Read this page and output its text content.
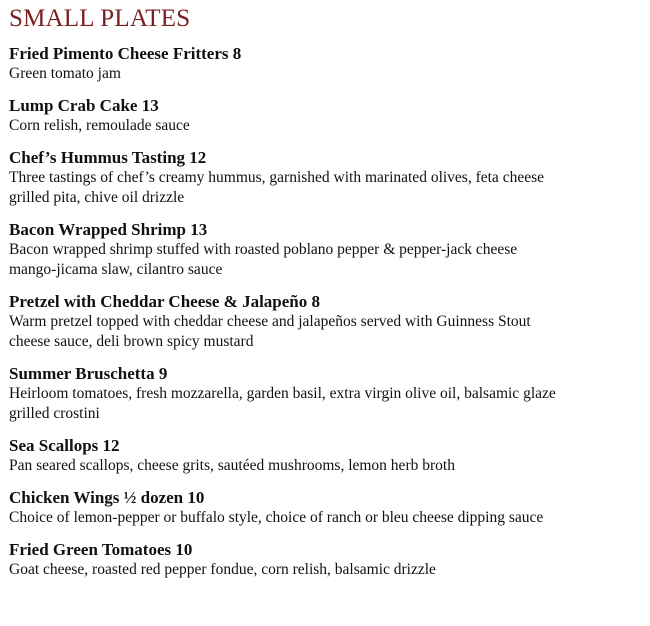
SMALL PLATES

Fried Pimento Cheese Fritters 8

Green tomato jam

Lump Crab Cake 13

Corn relish, remoulade sauce

Chef’s Hummus Tasting 12

Three tastings of chef’s creamy hummus, garnished with marinated olives, feta cheese
grilled pita, chive oil drizzle

Bacon Wrapped Shrimp 13

Bacon wrapped shrimp stuffed with roasted poblano pepper & pepper-jack cheese
mango-jicama slaw, cilantro sauce

Pretzel with Cheddar Cheese & Jalapeño 8

Warm pretzel topped with cheddar cheese and jalapeños served with Guinness Stout
cheese sauce, deli brown spicy mustard

Summer Bruschetta 9

Heirloom tomatoes, fresh mozzarella, garden basil, extra virgin olive oil, balsamic glaze
grilled crostini

Sea Scallops 12

Pan seared scallops, cheese grits, sautéed mushrooms, lemon herb broth

Chicken Wings ½ dozen 10

Choice of lemon-pepper or buffalo style, choice of ranch or bleu cheese dipping sauce

Fried Green Tomatoes 10

Goat cheese, roasted red pepper fondue, corn relish, balsamic drizzle
